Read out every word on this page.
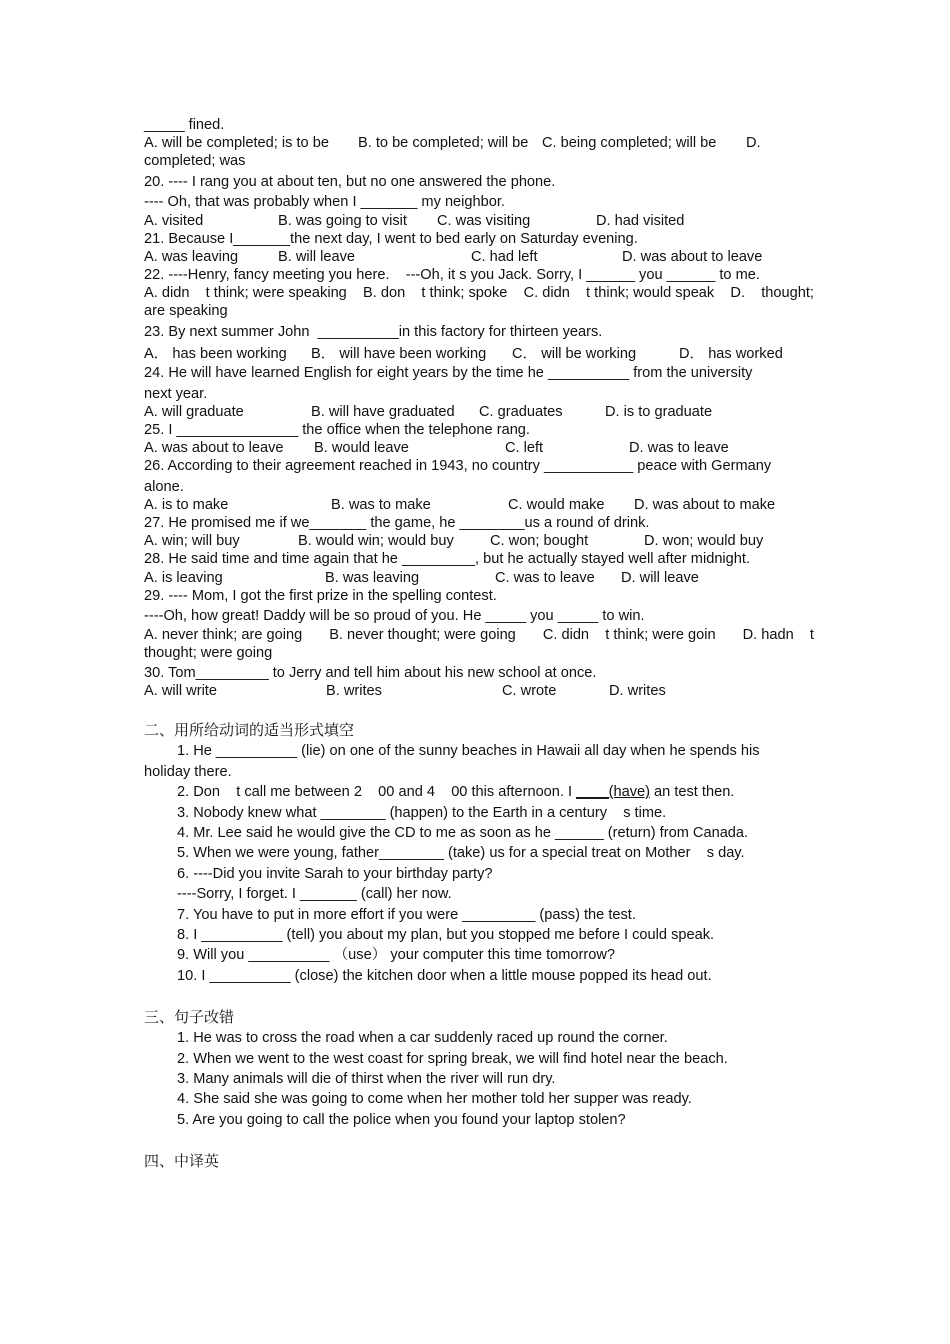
_____ fined.
A. will be completed; is to be	B. to be completed; will be C. being completed; will be	D.
completed; was
20. ---- I rang you at about ten, but no one answered the phone.
---- Oh, that was probably when I _______ my neighbor.
A. visited	B. was going to visit	C. was visiting	D. had visited
21. Because I_______the next day, I went to bed early on Saturday evening.
A. was leaving	B. will leave	C. had left	D. was about to leave
22. ----Henry, fancy meeting you here.    ---Oh, it s you Jack. Sorry, I ______ you ______ to me.
A. didn    t think; were speaking B. don    t think; spoke C. didn    t think; would speak D. thought;
are speaking
23. By next summer John  __________in this factory for thirteen years.
A． has been working	B． will have been working	C． will be working	D． has worked
24. He will have learned English for eight years by the time he __________ from the university
next year.
A. will graduate	B. will have graduated	C. graduates	D. is to graduate
25. I _______________ the office when the telephone rang.
A. was about to leave	B. would leave	C. left	D. was to leave
26. According to their agreement reached in 1943, no country ___________ peace with Germany
alone.
A. is to make	B. was to make	C. would make	D. was about to make
27. He promised me if we_______ the game, he ________us a round of drink.
A. win; will buy	B. would win; would buy	C. won; bought	D. won; would buy
28. He said time and time again that he _________, but he actually stayed well after midnight.
A. is leaving	B. was leaving	C. was to leave	D. will leave
29. ---- Mom, I got the first prize in the spelling contest.
----Oh, how great! Daddy will be so proud of you. He _____ you _____ to win.
A. never think; are going B. never thought; were going C. didn    t think; were goin D. hadn    t
thought; were going
30. Tom_________ to Jerry and tell him about his new school at once.
A. will write	B. writes	C. wrote	D. writes
二、用所给动词的适当形式填空
1. He __________ (lie) on one of the sunny beaches in Hawaii all day when he spends his
holiday there.
2. Don    t call me between 2    00 and 4    00 this afternoon. I ____(have) an test then.
3. Nobody knew what ________ (happen) to the Earth in a century    s time.
4. Mr. Lee said he would give the CD to me as soon as he ______ (return) from Canada.
5. When we were young, father________ (take) us for a special treat on Mother    s day.
6. ----Did you invite Sarah to your birthday party?
----Sorry, I forget. I _______ (call) her now.
7. You have to put in more effort if you were _________ (pass) the test.
8. I __________ (tell) you about my plan, but you stopped me before I could speak.
9. Will you __________ （use） your computer this time tomorrow?
10. I __________ (close) the kitchen door when a little mouse popped its head out.
三、句子改错
1. He was to cross the road when a car suddenly raced up round the corner.
2. When we went to the west coast for spring break, we will find hotel near the beach.
3. Many animals will die of thirst when the river will run dry.
4. She said she was going to come when her mother told her supper was ready.
5. Are you going to call the police when you found your laptop stolen?
四、中译英
